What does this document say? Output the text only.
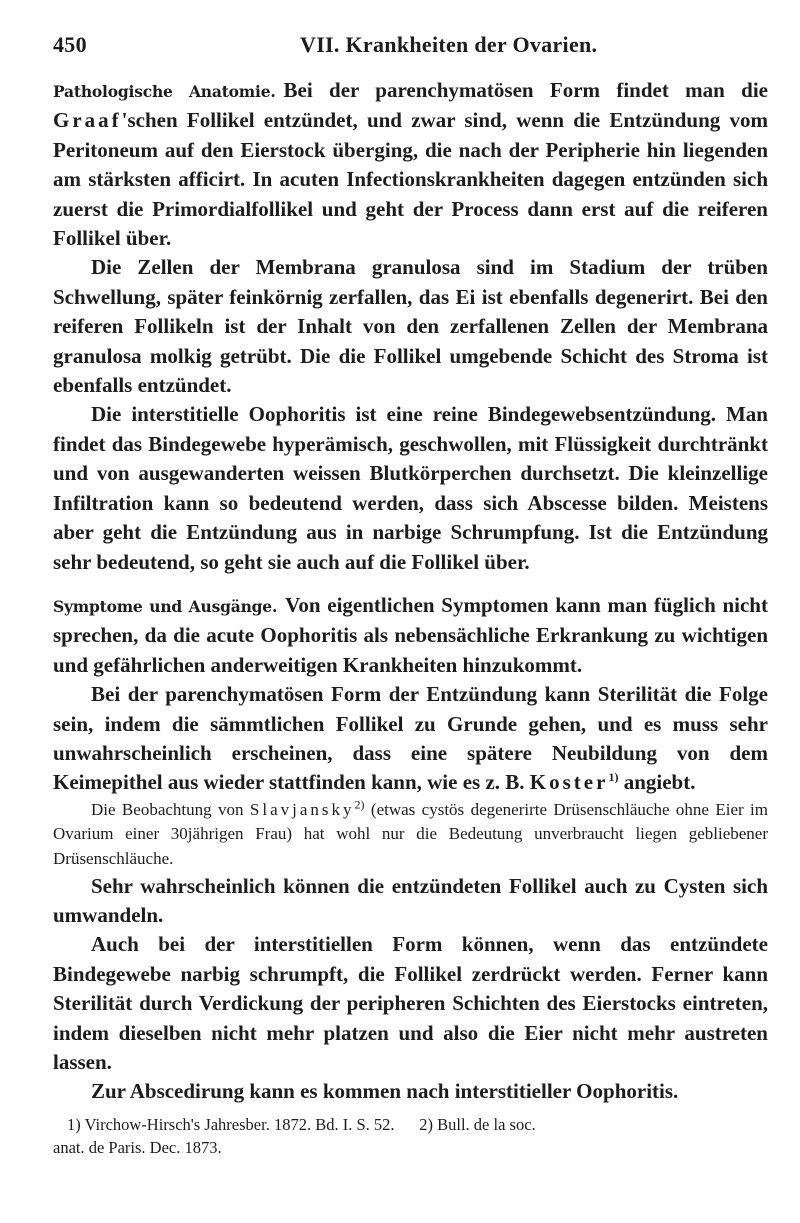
450	VII. Krankheiten der Ovarien.

Pathologische Anatomie. Bei der parenchymatösen Form findet man die Graaf'schen Follikel entzündet, und zwar sind, wenn die Entzündung vom Peritoneum auf den Eierstock überging, die nach der Peripherie hin liegenden am stärksten afficirt. In acuten Infectionskrankheiten dagegen entzünden sich zuerst die Primordialfollikel und geht der Process dann erst auf die reiferen Follikel über.

Die Zellen der Membrana granulosa sind im Stadium der trüben Schwellung, später feinkörnig zerfallen, das Ei ist ebenfalls degenerirt. Bei den reiferen Follikeln ist der Inhalt von den zerfallenen Zellen der Membrana granulosa molkig getrübt. Die die Follikel umgebende Schicht des Stroma ist ebenfalls entzündet.

Die interstitielle Oophoritis ist eine reine Bindegewebsentzündung. Man findet das Bindegewebe hyperämisch, geschwollen, mit Flüssigkeit durchtränkt und von ausgewanderten weissen Blutkörperchen durchsetzt. Die kleinzellige Infiltration kann so bedeutend werden, dass sich Abscesse bilden. Meistens aber geht die Entzündung aus in narbige Schrumpfung. Ist die Entzündung sehr bedeutend, so geht sie auch auf die Follikel über.

Symptome und Ausgänge. Von eigentlichen Symptomen kann man füglich nicht sprechen, da die acute Oophoritis als nebensächliche Erkrankung zu wichtigen und gefährlichen anderweitigen Krankheiten hinzukommt.

Bei der parenchymatösen Form der Entzündung kann Sterilität die Folge sein, indem die sämmtlichen Follikel zu Grunde gehen, und es muss sehr unwahrscheinlich erscheinen, dass eine spätere Neubildung von dem Keimepithel aus wieder stattfinden kann, wie es z. B. Koster$^{1)}$ angiebt.

Die Beobachtung von Slavjansky$^{2)}$ (etwas cystös degenerirte Drüsenschläuche ohne Eier im Ovarium einer 30jährigen Frau) hat wohl nur die Bedeutung unverbraucht liegen gebliebener Drüsenschläuche.

Sehr wahrscheinlich können die entzündeten Follikel auch zu Cysten sich umwandeln.

Auch bei der interstitiellen Form können, wenn das entzündete Bindegewebe narbig schrumpft, die Follikel zerdrückt werden. Ferner kann Sterilität durch Verdickung der peripheren Schichten des Eierstocks eintreten, indem dieselben nicht mehr platzen und also die Eier nicht mehr austreten lassen.

Zur Abscedirung kann es kommen nach interstitieller Oophoritis.

1) Virchow-Hirsch's Jahresber. 1872. Bd. I. S. 52.      2) Bull. de la soc.
anat. de Paris. Dec. 1873.
